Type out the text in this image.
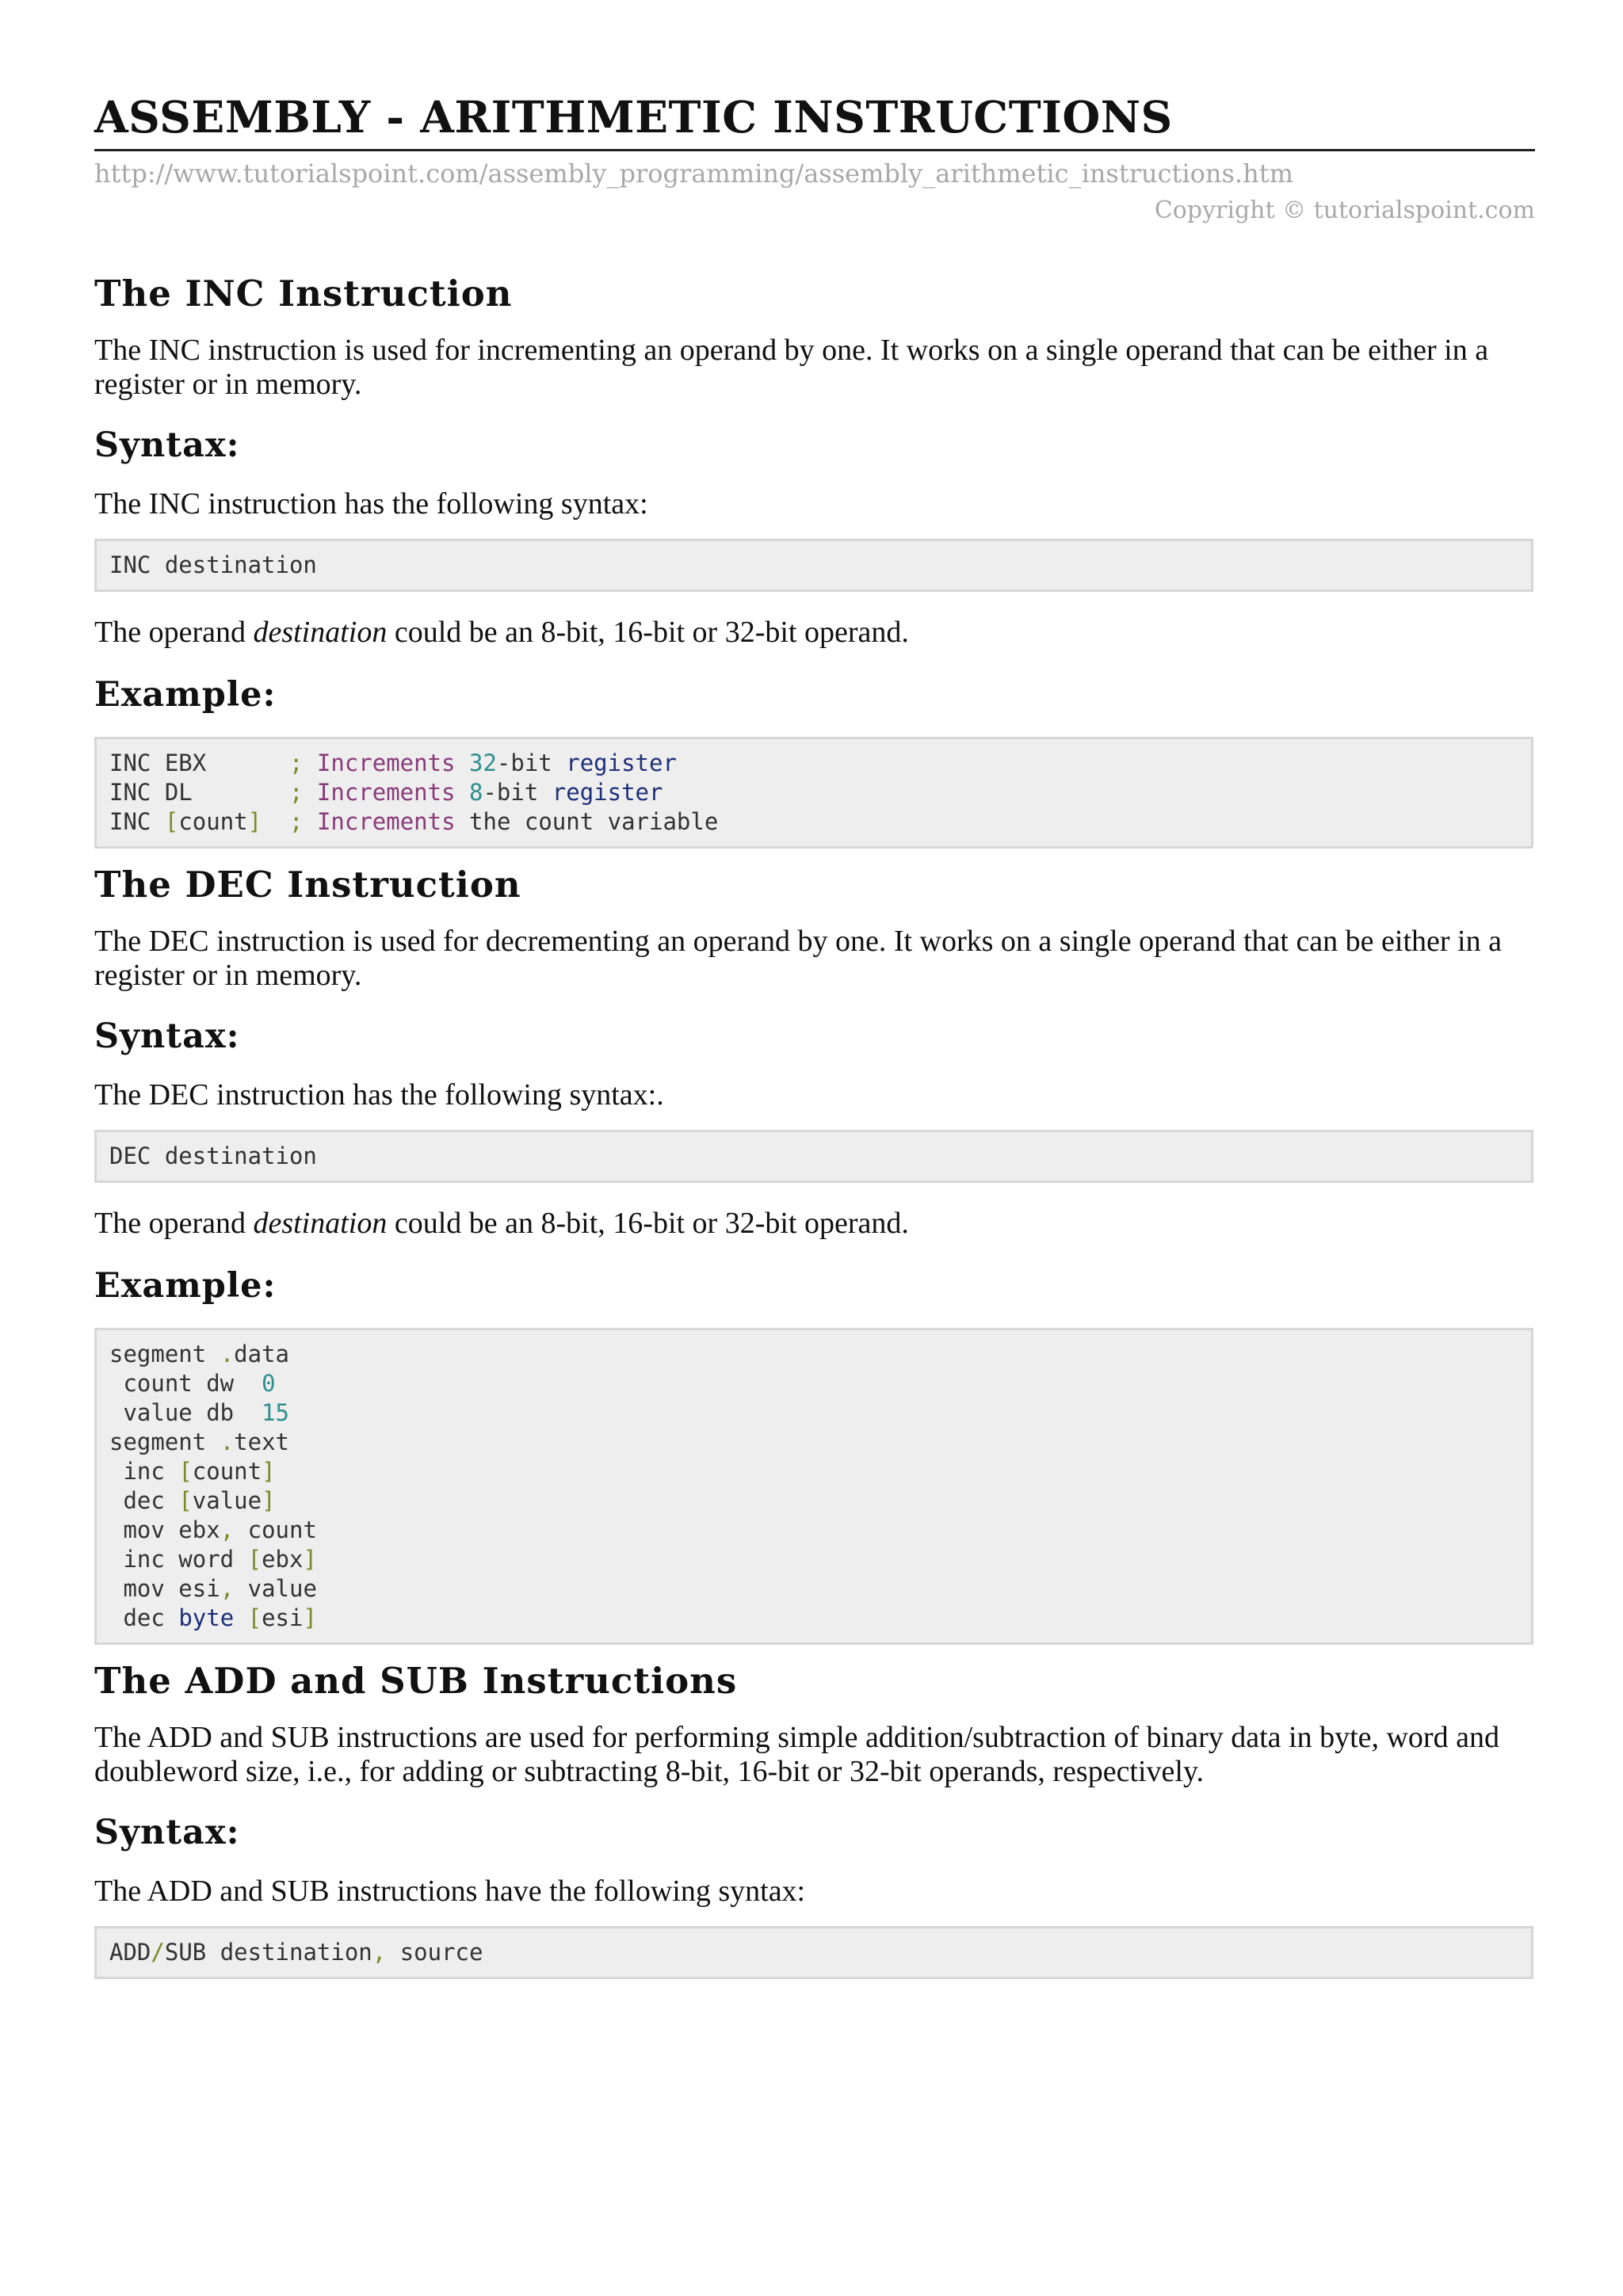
ASSEMBLY - ARITHMETIC INSTRUCTIONS
http://www.tutorialspoint.com/assembly_programming/assembly_arithmetic_instructions.htm
Copyright © tutorialspoint.com
The INC Instruction

The INC instruction is used for incrementing an operand by one. It works on a single operand that can be either in a register or in memory.

Syntax:

The INC instruction has the following syntax:

INC destination

The operand destination could be an 8-bit, 16-bit or 32-bit operand.

Example:
INC EBX      ; Increments 32-bit register
INC DL       ; Increments 8-bit register
INC [count] ; Increments the count variable
The DEC Instruction

The DEC instruction is used for decrementing an operand by one. It works on a single operand that can be either in a register or in memory.

Syntax:

The DEC instruction has the following syntax:.

DEC destination

The operand destination could be an 8-bit, 16-bit or 32-bit operand.

Example:
segment .data
count dw  0
value db  15
segment .text
inc [count]
dec [value]
mov ebx, count
inc word [ebx]
mov esi, value
dec byte [esi]
The ADD and SUB Instructions

The ADD and SUB instructions are used for performing simple addition/subtraction of binary data in byte, word and doubleword size, i.e., for adding or subtracting 8-bit, 16-bit or 32-bit operands, respectively.

Syntax:

The ADD and SUB instructions have the following syntax:

ADD/SUB destination, source
